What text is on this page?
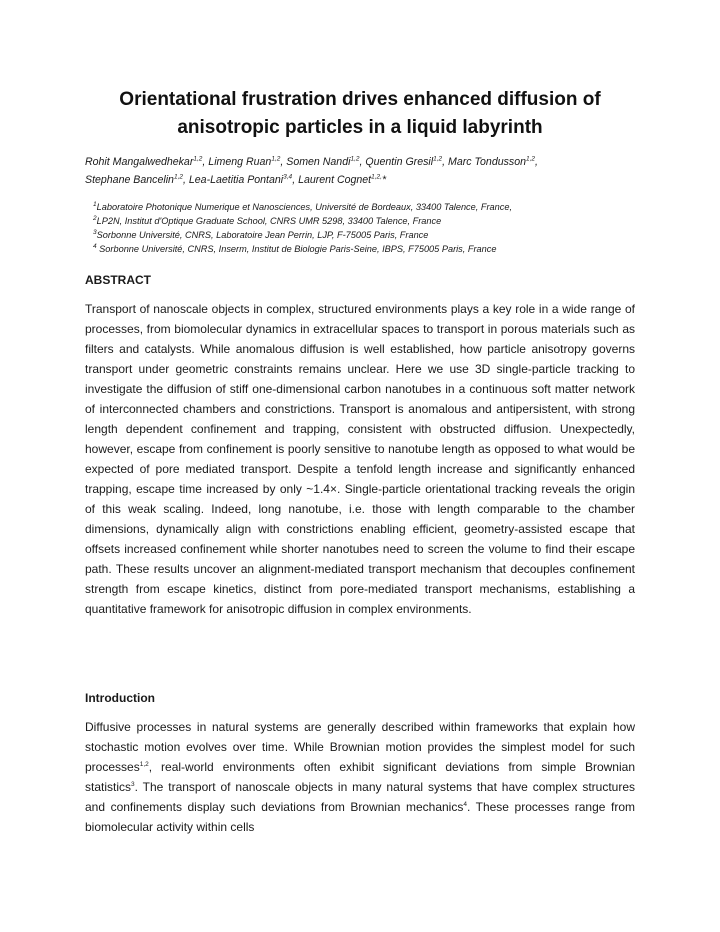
Orientational frustration drives enhanced diffusion of
anisotropic particles in a liquid labyrinth

Rohit Mangalwedhekar$^{1,2}$, Limeng Ruan$^{1,2}$, Somen Nandi$^{1,2}$, Quentin Gresil$^{1,2}$, Marc Tondusson$^{1,2}$,
Stephane Bancelin$^{1,2}$, Lea-Laetitia Pontani$^{3,4}$, Laurent Cognet$^{1,2,}$*

$^1$Laboratoire Photonique Numerique et Nanosciences, Université de Bordeaux, 33400 Talence, France,
$^2$LP2N, Institut d'Optique Graduate School, CNRS UMR 5298, 33400 Talence, France
$^3$Sorbonne Université, CNRS, Laboratoire Jean Perrin, LJP, F-75005 Paris, France
$^4$ Sorbonne Université, CNRS, Inserm, Institut de Biologie Paris-Seine, IBPS, F75005 Paris, France
ABSTRACT

Transport of nanoscale objects in complex, structured environments plays a key role in a wide range of processes, from biomolecular dynamics in extracellular spaces to transport in porous materials such as filters and catalysts. While anomalous diffusion is well established, how particle anisotropy governs transport under geometric constraints remains unclear. Here we use 3D single-particle tracking to investigate the diffusion of stiff one-dimensional carbon nanotubes in a continuous soft matter network of interconnected chambers and constrictions. Transport is anomalous and antipersistent, with strong length dependent confinement and trapping, consistent with obstructed diffusion. Unexpectedly, however, escape from confinement is poorly sensitive to nanotube length as opposed to what would be expected of pore mediated transport. Despite a tenfold length increase and significantly enhanced trapping, escape time increased by only ~1.4×. Single-particle orientational tracking reveals the origin of this weak scaling. Indeed, long nanotube, i.e. those with length comparable to the chamber dimensions, dynamically align with constrictions enabling efficient, geometry-assisted escape that offsets increased confinement while shorter nanotubes need to screen the volume to find their escape path. These results uncover an alignment-mediated transport mechanism that decouples confinement strength from escape kinetics, distinct from pore-mediated transport mechanisms, establishing a quantitative framework for anisotropic diffusion in complex environments.

Introduction

Diffusive processes in natural systems are generally described within frameworks that explain how stochastic motion evolves over time. While Brownian motion provides the simplest model for such processes$^{1,2}$, real-world environments often exhibit significant deviations from simple Brownian statistics$^3$. The transport of nanoscale objects in many natural systems that have complex structures and confinements display such deviations from Brownian mechanics$^4$. These processes range from biomolecular activity within cells
